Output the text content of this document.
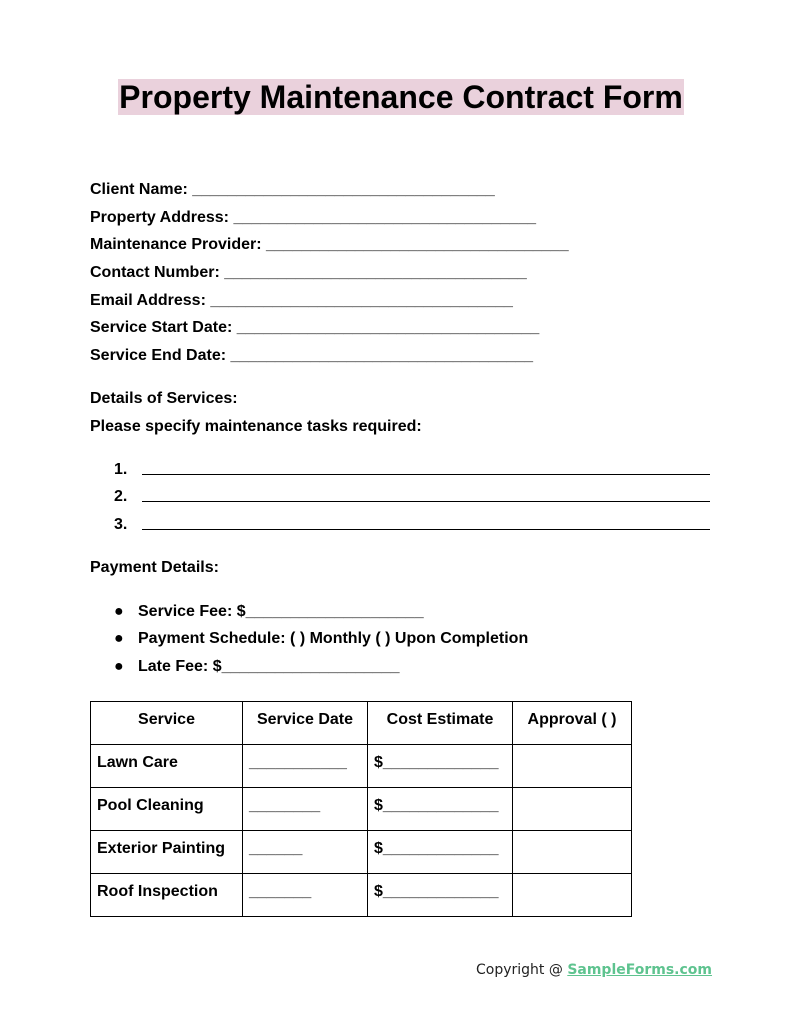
Property Maintenance Contract Form
Client Name: __________________________________
Property Address: __________________________________
Maintenance Provider: __________________________________
Contact Number: __________________________________
Email Address: __________________________________
Service Start Date: __________________________________
Service End Date: __________________________________
Details of Services:
Please specify maintenance tasks required:
1.
2.
3.
Payment Details:
● Service Fee: $____________________
● Payment Schedule: ( ) Monthly ( ) Upon Completion
● Late Fee: $____________________
Service	Service Date	Cost Estimate	Approval ( )
Lawn Care	___________	$_____________	
Pool Cleaning	________	$_____________	
Exterior Painting	______	$_____________	
Roof Inspection	_______	$_____________	
Copyright @ SampleForms.com
